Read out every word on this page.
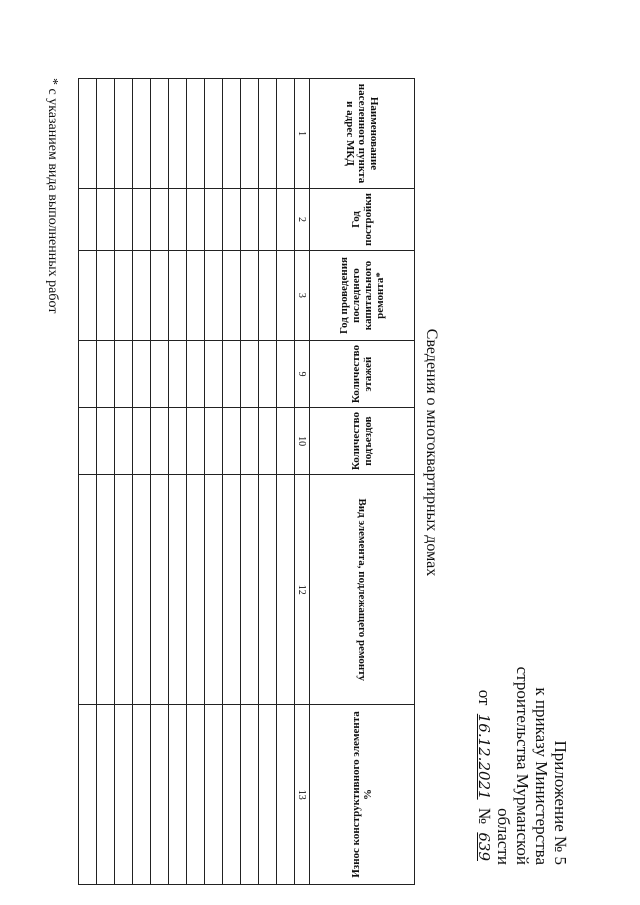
Приложение № 5
к приказу Министерства
строительства Мурманской
области
от 16.12.2021 № 639
Сведения о многоквартирных домах
Наименование населенного пункта и адрес МКД	Год постройки	Год проведения последнего капитального ремонта*	Количество этажей	Количество подъездов	Вид элемента, подлежащего ремонту	Износ конструктивного элемента %
1	2	3	9	10	12	13

* с указанием вида выполненных работ
